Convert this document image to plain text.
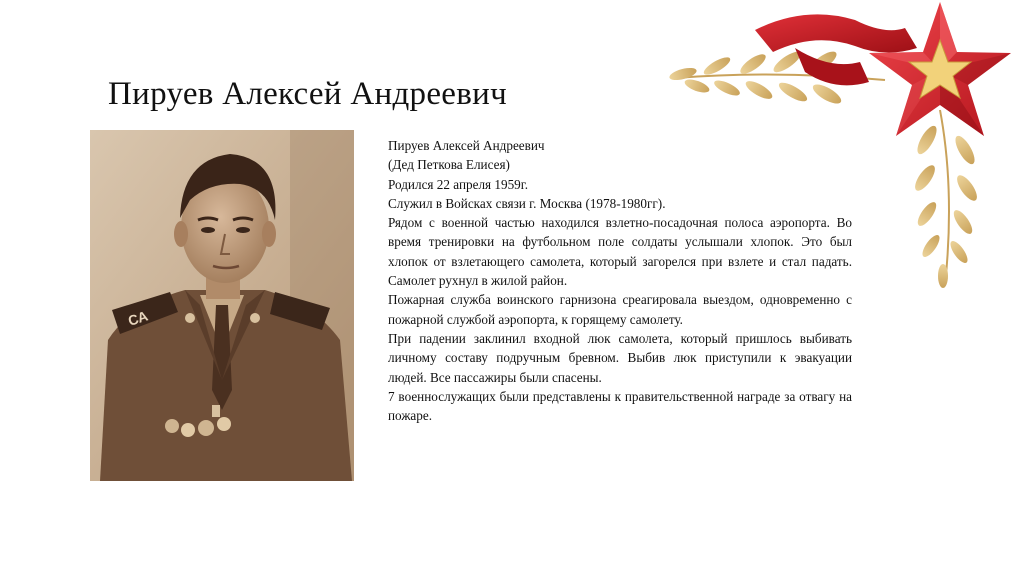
Пируев Алексей Андреевич
СА

Пируев Алексей Андреевич

(Дед Петкова Елисея)

Родился 22 апреля 1959г.

Служил в Войсках связи г. Москва (1978-1980гг).

Рядом с военной частью находился взлетно-посадочная полоса аэропорта. Во время тренировки на футбольном поле солдаты услышали хлопок. Это был хлопок от взлетающего самолета, который загорелся при взлете и стал падать. Самолет рухнул в жилой район.

Пожарная служба воинского гарнизона среагировала выездом, одновременно с пожарной службой аэропорта, к горящему самолету.

При падении заклинил входной люк самолета, который пришлось выбивать личному составу подручным бревном. Выбив люк приступили к эвакуации людей. Все пассажиры были спасены.

7 военнослужащих были представлены к правительственной награде за отвагу на пожаре.
